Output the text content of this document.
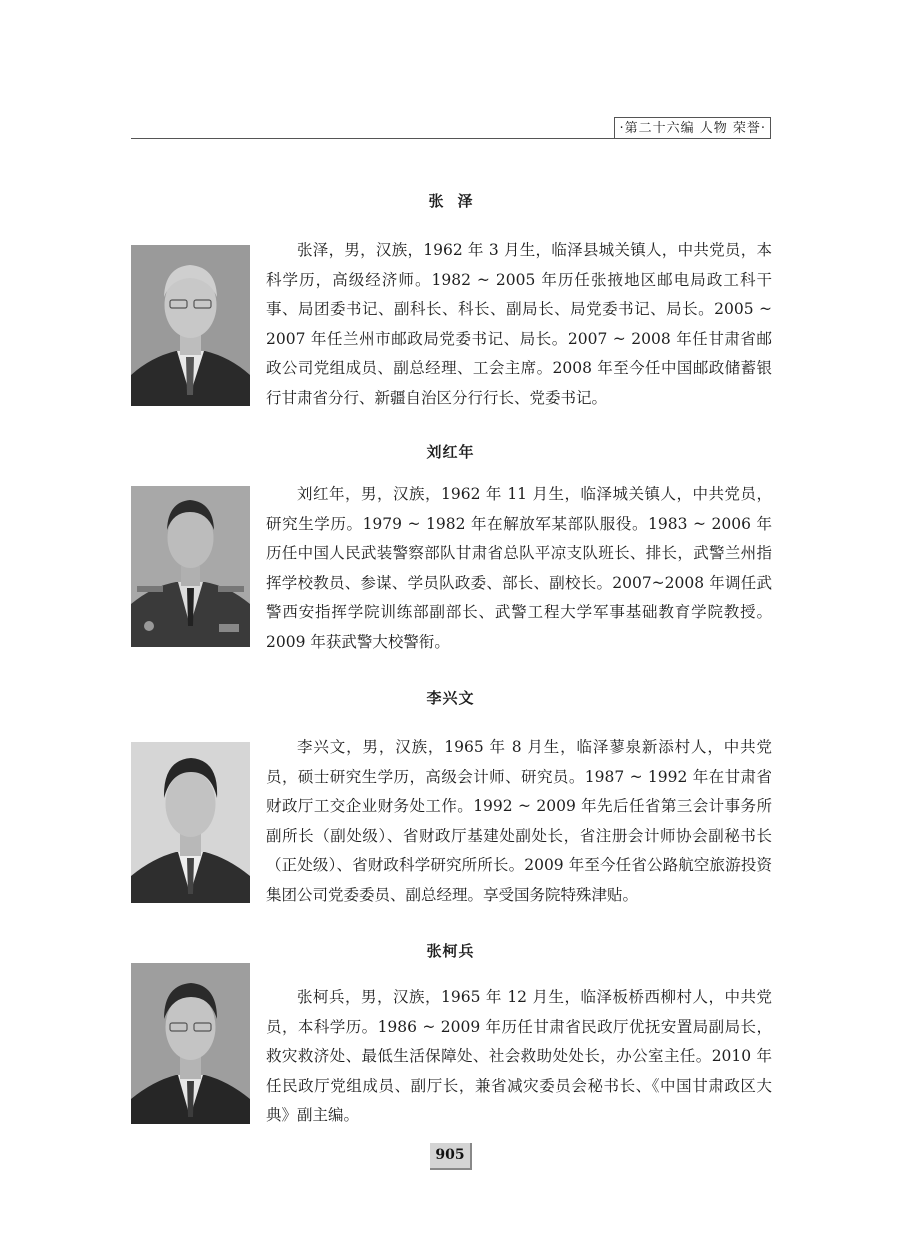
·第二十六编 人物 荣誉·
张泽

张泽，男，汉族，1962 年 3 月生，临泽县城关镇人，中共党员，本科学历，高级经济师。1982 ~ 2005 年历任张掖地区邮电局政工科干事、局团委书记、副科长、科长、副局长、局党委书记、局长。2005 ~ 2007 年任兰州市邮政局党委书记、局长。2007 ~ 2008 年任甘肃省邮政公司党组成员、副总经理、工会主席。2008 年至今任中国邮政储蓄银行甘肃省分行、新疆自治区分行行长、党委书记。

刘红年

刘红年，男，汉族，1962 年 11 月生，临泽城关镇人，中共党员，研究生学历。1979 ~ 1982 年在解放军某部队服役。1983 ~ 2006 年历任中国人民武装警察部队甘肃省总队平凉支队班长、排长，武警兰州指挥学校教员、参谋、学员队政委、部长、副校长。2007~2008 年调任武警西安指挥学院训练部副部长、武警工程大学军事基础教育学院教授。2009 年获武警大校警衔。

李兴文

李兴文，男，汉族，1965 年 8 月生，临泽蓼泉新添村人，中共党员，硕士研究生学历，高级会计师、研究员。1987 ~ 1992 年在甘肃省财政厅工交企业财务处工作。1992 ~ 2009 年先后任省第三会计事务所副所长（副处级）、省财政厅基建处副处长，省注册会计师协会副秘书长（正处级）、省财政科学研究所所长。2009 年至今任省公路航空旅游投资集团公司党委委员、副总经理。享受国务院特殊津贴。

张柯兵

张柯兵，男，汉族，1965 年 12 月生，临泽板桥西柳村人，中共党员，本科学历。1986 ~ 2009 年历任甘肃省民政厅优抚安置局副局长，救灾救济处、最低生活保障处、社会救助处处长，办公室主任。2010 年任民政厅党组成员、副厅长，兼省减灾委员会秘书长、《中国甘肃政区大典》副主编。

905
